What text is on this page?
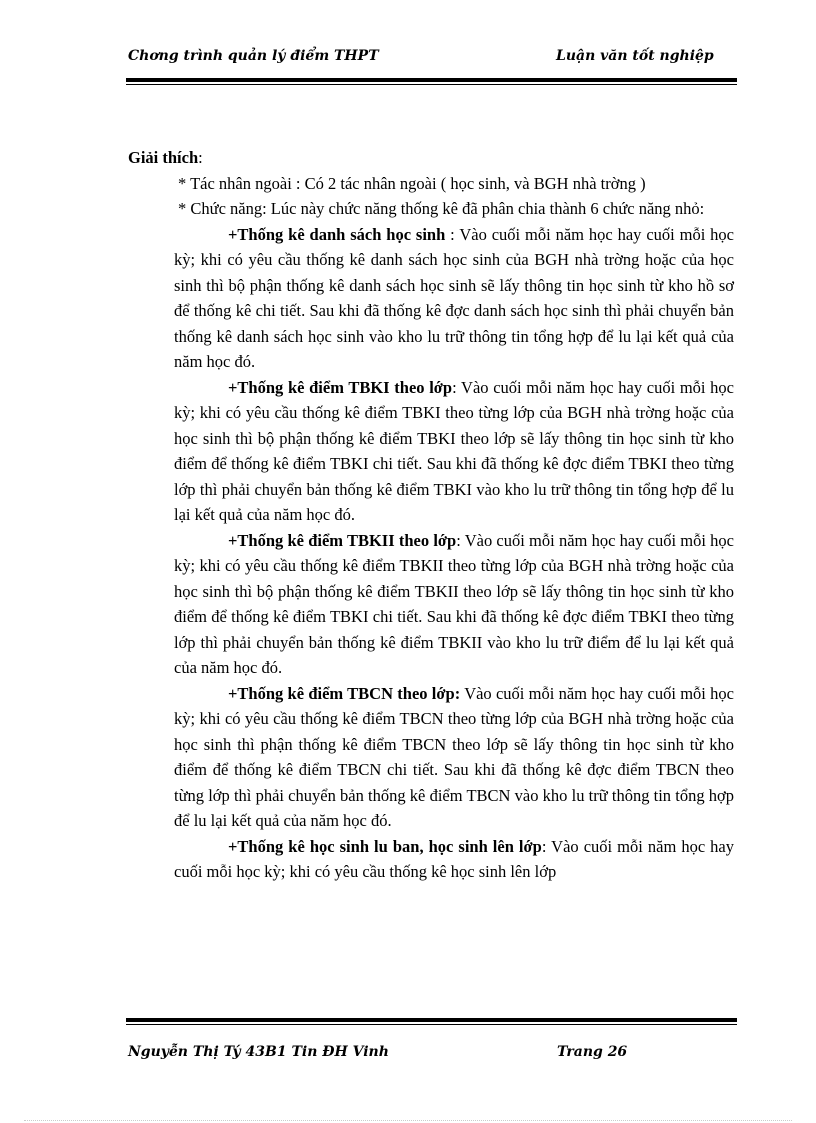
Chơng trình quản lý điểm THPT	Luận văn tốt nghiệp

Giải thích:

* Tác nhân ngoài : Có 2 tác nhân ngoài ( học sinh, và BGH nhà trờng )

* Chức năng: Lúc này chức năng thống kê đã phân chia thành 6 chức năng nhỏ:

+Thống kê danh sách học sinh : Vào cuối mỗi năm học hay cuối mỗi học kỳ; khi có yêu cầu thống kê danh sách học sinh của BGH nhà trờng hoặc của học sinh thì bộ phận thống kê danh sách học sinh sẽ lấy thông tin học sinh từ kho hồ sơ để thống kê chi tiết. Sau khi đã thống kê đợc danh sách học sinh thì phải chuyển bản thống kê danh sách học sinh vào kho lu trữ thông tin tổng hợp để lu lại kết quả của năm học đó.

+Thống kê điểm TBKI theo lớp: Vào cuối mỗi năm học hay cuối mỗi học kỳ; khi có yêu cầu thống kê điểm TBKI theo từng lớp của BGH nhà trờng hoặc của học sinh thì bộ phận thống kê điểm TBKI theo lớp sẽ lấy thông tin học sinh từ kho điểm để thống kê điểm TBKI chi tiết. Sau khi đã thống kê đợc điểm TBKI theo từng lớp thì phải chuyển bản thống kê điểm TBKI vào kho lu trữ thông tin tổng hợp để lu lại kết quả của năm học đó.

+Thống kê điểm TBKII theo lớp: Vào cuối mỗi năm học hay cuối mỗi học kỳ; khi có yêu cầu thống kê điểm TBKII theo từng lớp của BGH nhà trờng hoặc của học sinh thì bộ phận thống kê điểm TBKII theo lớp sẽ lấy thông tin học sinh từ kho điểm để thống kê điểm TBKI chi tiết. Sau khi đã thống kê đợc điểm TBKI theo từng lớp thì phải chuyển bản thống kê điểm TBKII vào kho lu trữ điểm để lu lại kết quả của năm học đó.

+Thống kê điểm TBCN theo lớp: Vào cuối mỗi năm học hay cuối mỗi học kỳ; khi có yêu cầu thống kê điểm TBCN theo từng lớp của BGH nhà trờng hoặc của học sinh thì phận thống kê điểm TBCN theo lớp sẽ lấy thông tin học sinh từ kho điểm để thống kê điểm TBCN chi tiết. Sau khi đã thống kê đợc điểm TBCN theo từng lớp thì phải chuyển bản thống kê điểm TBCN vào kho lu trữ thông tin tổng hợp để lu lại kết quả của năm học đó.

+Thống kê học sinh lu ban, học sinh lên lớp: Vào cuối mỗi năm học hay cuối mỗi học kỳ; khi có yêu cầu thống kê học sinh lên lớp

Nguyễn Thị Tý 43B1 Tin ĐH Vinh	Trang 26
